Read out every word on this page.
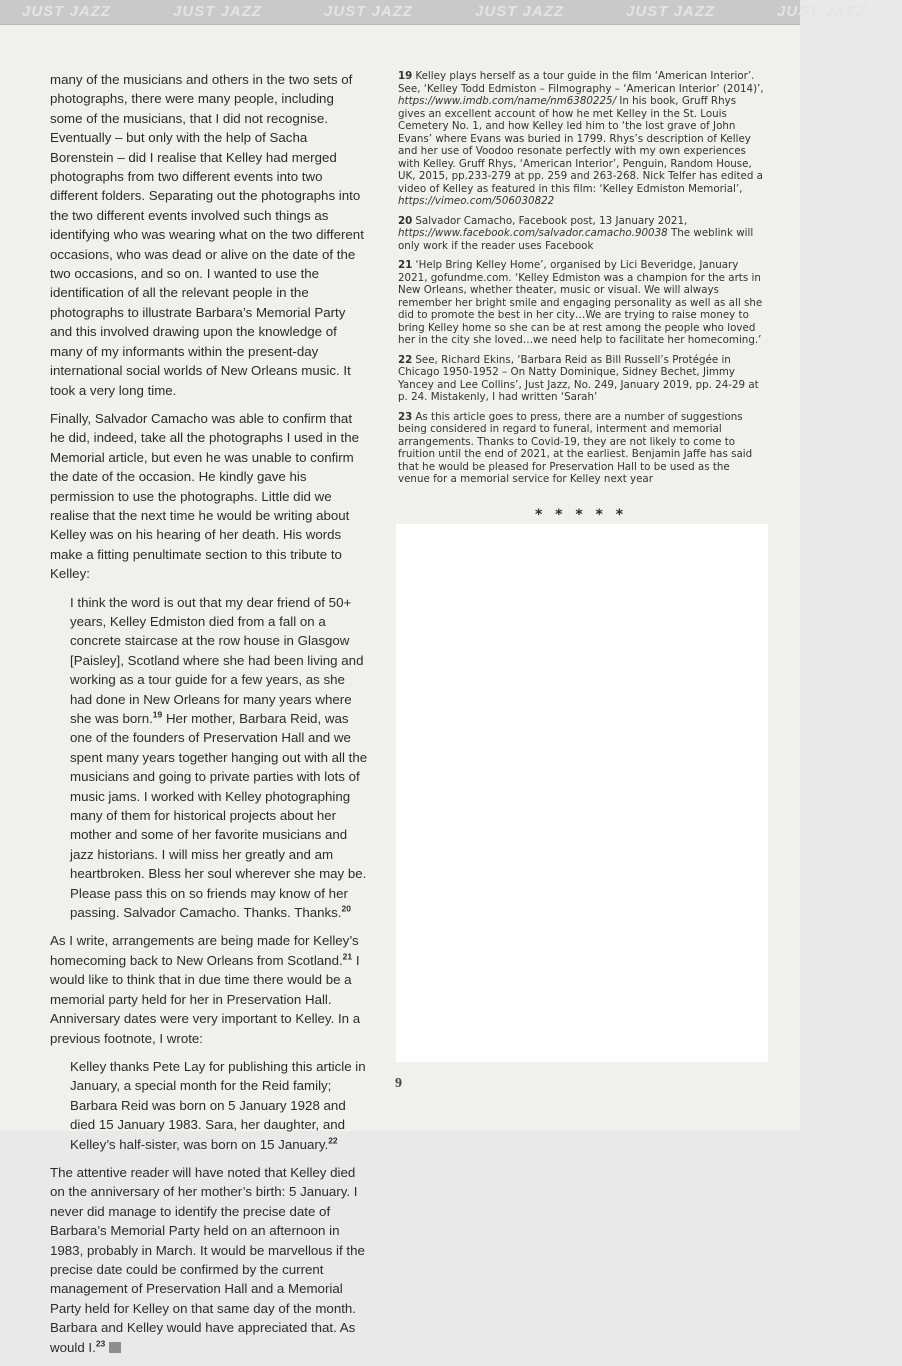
JUST JAZZ	JUST JAZZ	JUST JAZZ	JUST JAZZ	JUST JAZZ	JUST JAZZ

many of the musicians and others in the two sets of photographs, there were many people, including some of the musicians, that I did not recognise. Eventually – but only with the help of Sacha Borenstein – did I realise that Kelley had merged photographs from two different events into two different folders. Separating out the photographs into the two different events involved such things as identifying who was wearing what on the two different occasions, who was dead or alive on the date of the two occasions, and so on. I wanted to use the identification of all the relevant people in the photographs to illustrate Barbara’s Memorial Party and this involved drawing upon the knowledge of many of my informants within the present-day international social worlds of New Orleans music. It took a very long time.

Finally, Salvador Camacho was able to confirm that he did, indeed, take all the photographs I used in the Memorial article, but even he was unable to confirm the date of the occasion. He kindly gave his permission to use the photographs. Little did we realise that the next time he would be writing about Kelley was on his hearing of her death. His words make a fitting penultimate section to this tribute to Kelley:

I think the word is out that my dear friend of 50+ years, Kelley Edmiston died from a fall on a concrete staircase at the row house in Glasgow [Paisley], Scotland where she had been living and working as a tour guide for a few years, as she had done in New Orleans for many years where she was born.$^{19}$ Her mother, Barbara Reid, was one of the founders of Preservation Hall and we spent many years together hanging out with all the musicians and going to private parties with lots of music jams. I worked with Kelley photographing many of them for historical projects about her mother and some of her favorite musicians and jazz historians. I will miss her greatly and am heartbroken. Bless her soul wherever she may be. Please pass this on so friends may know of her passing. Salvador Camacho. Thanks. Thanks.$^{20}$

As I write, arrangements are being made for Kelley’s homecoming back to New Orleans from Scotland.$^{21}$ I would like to think that in due time there would be a memorial party held for her in Preservation Hall. Anniversary dates were very important to Kelley. In a previous footnote, I wrote:

Kelley thanks Pete Lay for publishing this article in January, a special month for the Reid family; Barbara Reid was born on 5 January 1928 and died 15 January 1983. Sara, her daughter, and Kelley’s half-sister, was born on 15 January.$^{22}$

The attentive reader will have noted that Kelley died on the anniversary of her mother’s birth: 5 January. I never did manage to identify the precise date of Barbara’s Memorial Party held on an afternoon in 1983, probably in March. It would be marvellous if the precise date could be confirmed by the current management of Preservation Hall and a Memorial Party held for Kelley on that same day of the month. Barbara and Kelley would have appreciated that. As would I.$^{23}$

19 Kelley plays herself as a tour guide in the film ‘American Interior’. See, ‘Kelley Todd Edmiston – Filmography – ‘American Interior’ (2014)’, https://www.imdb.com/name/nm6380225/ In his book, Gruff Rhys gives an excellent account of how he met Kelley in the St. Louis Cemetery No. 1, and how Kelley led him to ‘the lost grave of John Evans’ where Evans was buried in 1799. Rhys’s description of Kelley and her use of Voodoo resonate perfectly with my own experiences with Kelley. Gruff Rhys, ‘American Interior’, Penguin, Random House, UK, 2015, pp.233-279 at pp. 259 and 263-268. Nick Telfer has edited a video of Kelley as featured in this film: ‘Kelley Edmiston Memorial’, https://vimeo.com/506030822

20 Salvador Camacho, Facebook post, 13 January 2021, https://www.facebook.com/salvador.camacho.90038 The weblink will only work if the reader uses Facebook

21 ‘Help Bring Kelley Home’, organised by Lici Beveridge, January 2021, gofundme.com. ‘Kelley Edmiston was a champion for the arts in New Orleans, whether theater, music or visual. We will always remember her bright smile and engaging personality as well as all she did to promote the best in her city…We are trying to raise money to bring Kelley home so she can be at rest among the people who loved her in the city she loved…we need help to facilitate her homecoming.’

22 See, Richard Ekins, ‘Barbara Reid as Bill Russell’s Protégée in Chicago 1950-1952 – On Natty Dominique, Sidney Bechet, Jimmy Yancey and Lee Collins’, Just Jazz, No. 249, January 2019, pp. 24-29 at p. 24. Mistakenly, I had written ‘Sarah’

23 As this article goes to press, there are a number of suggestions being considered in regard to funeral, interment and memorial arrangements. Thanks to Covid-19, they are not likely to come to fruition until the end of 2021, at the earliest. Benjamin Jaffe has said that he would be pleased for Preservation Hall to be used as the venue for a memorial service for Kelley next year

* * * * *
9
